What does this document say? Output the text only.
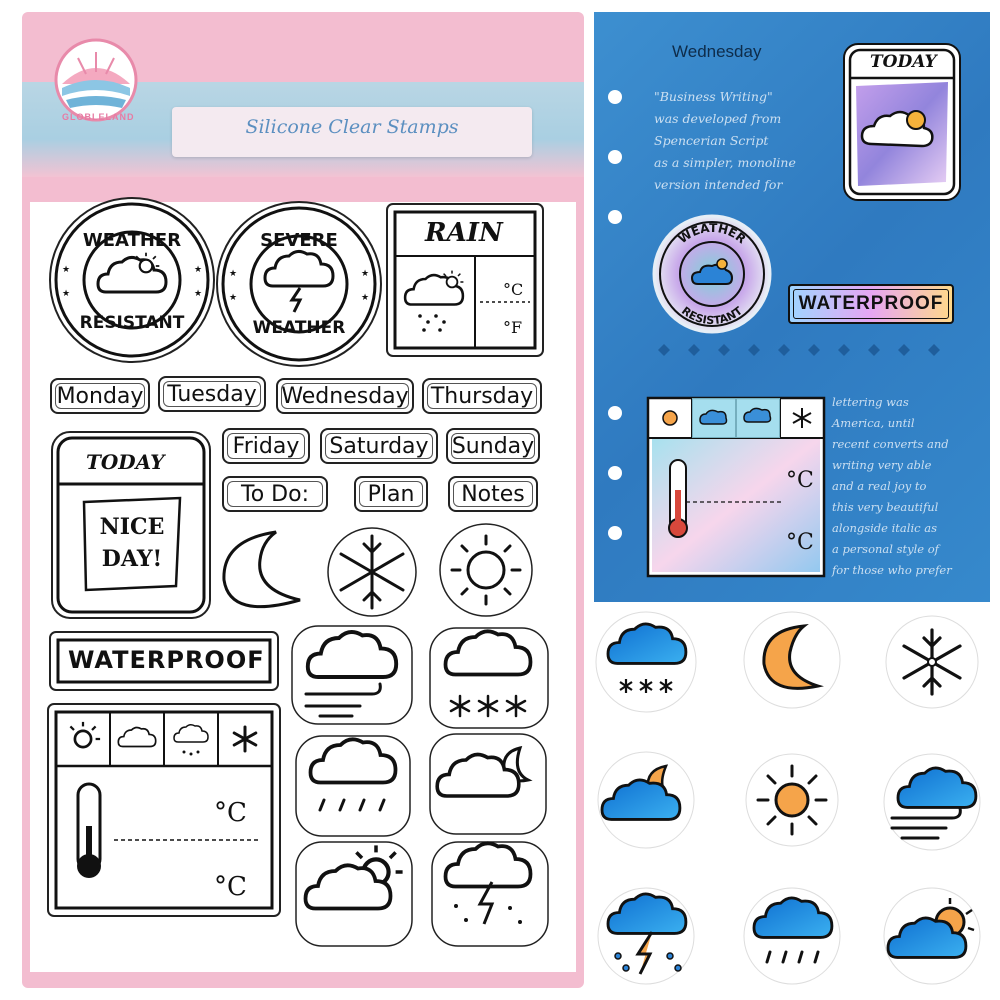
GLOBLELAND	Silicone Clear Stamps
★
★
★
★
WEATHER
RESISTANT
★
★
★
★
SEVERE
WEATHER
RAIN
°C
°F
Monday Tuesday Wednesday Thursday
Friday Saturday Sunday
To Do:	Plan Notes
TODAY
NICE
DAY!
WATERPROOF
°C
°C
Wednesday
"Business Writing"
was developed from
Spencerian Script
as a simpler, monoline
version intended for
lettering was
America, until
recent converts and
writing very able
and a real joy to
this very beautiful
alongside italic as
a personal style of
for those who prefer
TODAY
WATERPROOF
°C
°C
WEATHER
RESISTANT
